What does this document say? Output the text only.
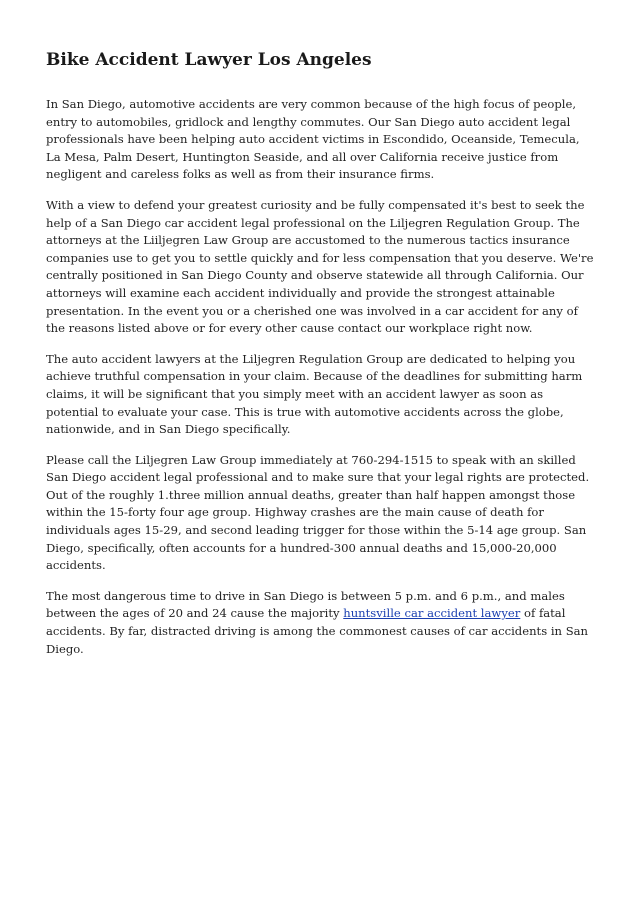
Bike Accident Lawyer Los Angeles

In San Diego, automotive accidents are very common because of the high focus of people, entry to automobiles, gridlock and lengthy commutes. Our San Diego auto accident legal professionals have been helping auto accident victims in Escondido, Oceanside, Temecula, La Mesa, Palm Desert, Huntington Seaside, and all over California receive justice from negligent and careless folks as well as from their insurance firms.

With a view to defend your greatest curiosity and be fully compensated it's best to seek the help of a San Diego car accident legal professional on the Liljegren Regulation Group. The attorneys at the Liiljegren Law Group are accustomed to the numerous tactics insurance companies use to get you to settle quickly and for less compensation that you deserve. We're centrally positioned in San Diego County and observe statewide all through California. Our attorneys will examine each accident individually and provide the strongest attainable presentation. In the event you or a cherished one was involved in a car accident for any of the reasons listed above or for every other cause contact our workplace right now.

The auto accident lawyers at the Liljegren Regulation Group are dedicated to helping you achieve truthful compensation in your claim. Because of the deadlines for submitting harm claims, it will be significant that you simply meet with an accident lawyer as soon as potential to evaluate your case. This is true with automotive accidents across the globe, nationwide, and in San Diego specifically.

Please call the Liljegren Law Group immediately at 760-294-1515 to speak with an skilled San Diego accident legal professional and to make sure that your legal rights are protected. Out of the roughly 1.three million annual deaths, greater than half happen amongst those within the 15-forty four age group. Highway crashes are the main cause of death for individuals ages 15-29, and second leading trigger for those within the 5-14 age group. San Diego, specifically, often accounts for a hundred-300 annual deaths and 15,000-20,000 accidents.

The most dangerous time to drive in San Diego is between 5 p.m. and 6 p.m., and males between the ages of 20 and 24 cause the majority huntsville car accident lawyer of fatal accidents. By far, distracted driving is among the commonest causes of car accidents in San Diego.
